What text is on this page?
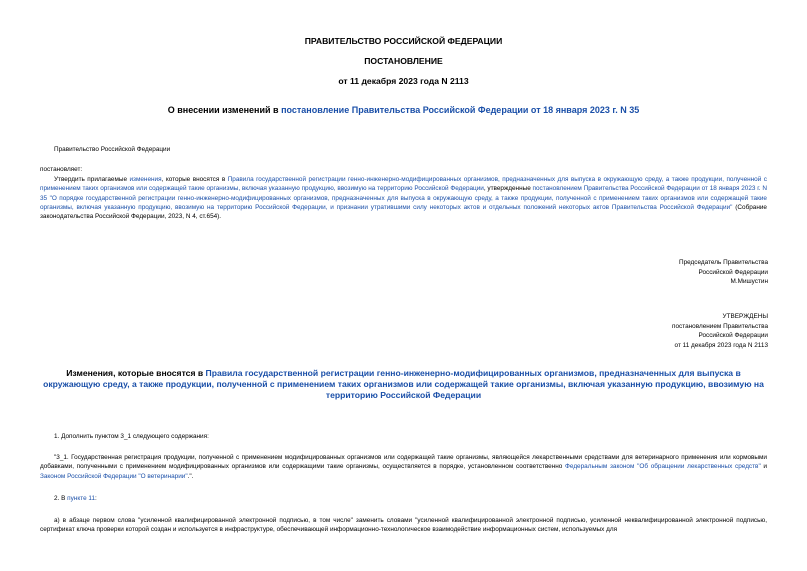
ПРАВИТЕЛЬСТВО РОССИЙСКОЙ ФЕДЕРАЦИИ
ПОСТАНОВЛЕНИЕ
от 11 декабря 2023 года N 2113
О внесении изменений в постановление Правительства Российской Федерации от 18 января 2023 г. N 35
Правительство Российской Федерации
постановляет:
Утвердить прилагаемые изменения, которые вносятся в Правила государственной регистрации генно-инженерно-модифицированных организмов, предназначенных для выпуска в окружающую среду, а также продукции, полученной с применением таких организмов или содержащей такие организмы, включая указанную продукцию, ввозимую на территорию Российской Федерации, утвержденные постановлением Правительства Российской Федерации от 18 января 2023 г. N 35 "О порядке государственной регистрации генно-инженерно-модифицированных организмов, предназначенных для выпуска в окружающую среду, а также продукции, полученной с применением таких организмов или содержащей такие организмы, включая указанную продукцию, ввозимую на территорию Российской Федерации, и признании утратившими силу некоторых актов и отдельных положений некоторых актов Правительства Российской Федерации" (Собрание законодательства Российской Федерации, 2023, N 4, ст.654).
Председатель Правительства
Российской Федерации
М.Мишустин
УТВЕРЖДЕНЫ
постановлением Правительства
Российской Федерации
от 11 декабря 2023 года N 2113
Изменения, которые вносятся в Правила государственной регистрации генно-инженерно-модифицированных организмов, предназначенных для выпуска в окружающую среду, а также продукции, полученной с применением таких организмов или содержащей такие организмы, включая указанную продукцию, ввозимую на территорию Российской Федерации
1. Дополнить пунктом 3_1 следующего содержания:
"3_1. Государственная регистрация продукции, полученной с применением модифицированных организмов или содержащей такие организмы, являющейся лекарственными средствами для ветеринарного применения или кормовыми добавками, полученными с применением модифицированных организмов или содержащими такие организмы, осуществляется в порядке, установленном соответственно Федеральным законом "Об обращении лекарственных средств" и Законом Российской Федерации "О ветеринарии".".
2. В пункте 11:
а) в абзаце первом слова "усиленной квалифицированной электронной подписью, в том числе" заменить словами "усиленной квалифицированной электронной подписью, усиленной неквалифицированной электронной подписью, сертификат ключа проверки которой создан и используется в инфраструктуре, обеспечивающей информационно-технологическое взаимодействие информационных систем, используемых для
